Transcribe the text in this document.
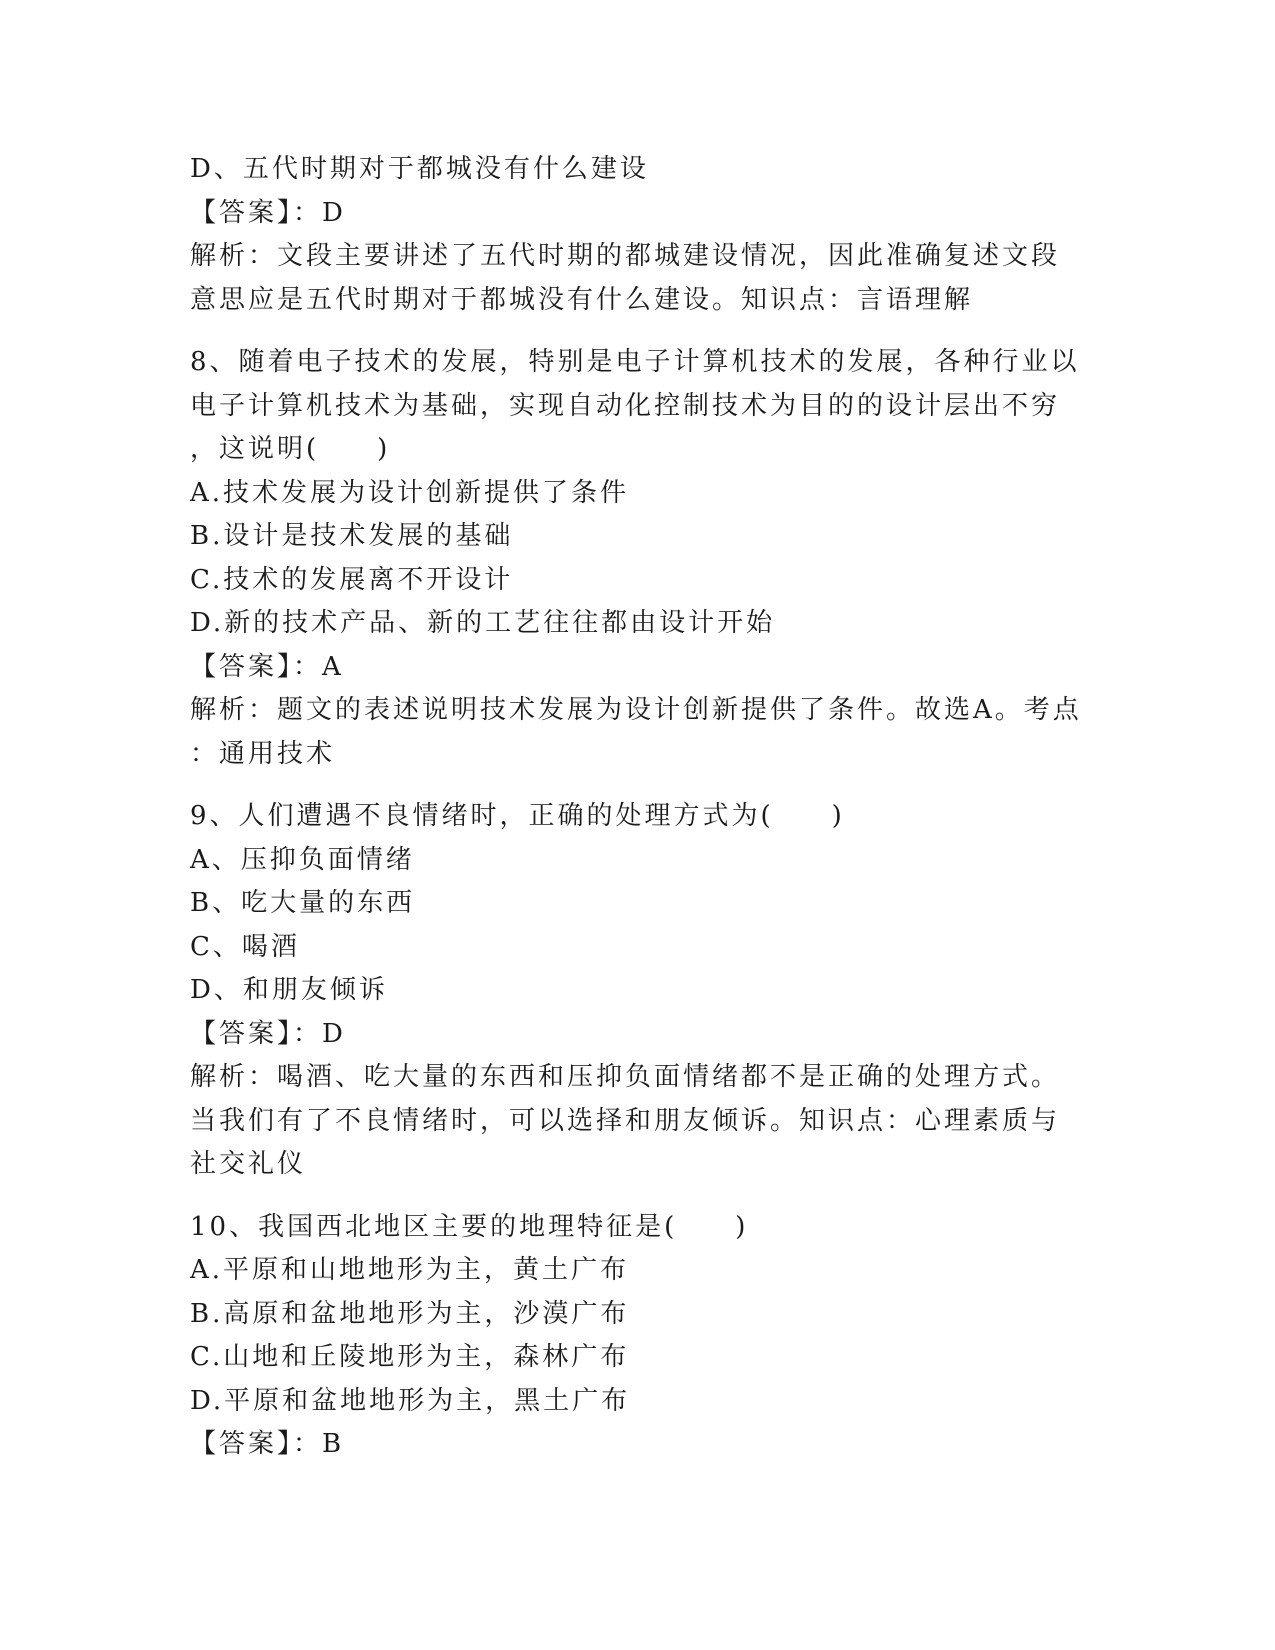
D、五代时期对于都城没有什么建设
【答案】：D
解析：文段主要讲述了五代时期的都城建设情况，因此准确复述文段
意思应是五代时期对于都城没有什么建设。知识点：言语理解
8、随着电子技术的发展，特别是电子计算机技术的发展，各种行业以
电子计算机技术为基础，实现自动化控制技术为目的的设计层出不穷
，这说明(　　)
A.技术发展为设计创新提供了条件
B.设计是技术发展的基础
C.技术的发展离不开设计
D.新的技术产品、新的工艺往往都由设计开始
【答案】：A
解析：题文的表述说明技术发展为设计创新提供了条件。故选A。考点
：通用技术
9、人们遭遇不良情绪时，正确的处理方式为(　　)
A、压抑负面情绪
B、吃大量的东西
C、喝酒
D、和朋友倾诉
【答案】：D
解析：喝酒、吃大量的东西和压抑负面情绪都不是正确的处理方式。
当我们有了不良情绪时，可以选择和朋友倾诉。知识点：心理素质与
社交礼仪
10、我国西北地区主要的地理特征是(　　)
A.平原和山地地形为主，黄土广布
B.高原和盆地地形为主，沙漠广布
C.山地和丘陵地形为主，森林广布
D.平原和盆地地形为主，黑土广布
【答案】：B
